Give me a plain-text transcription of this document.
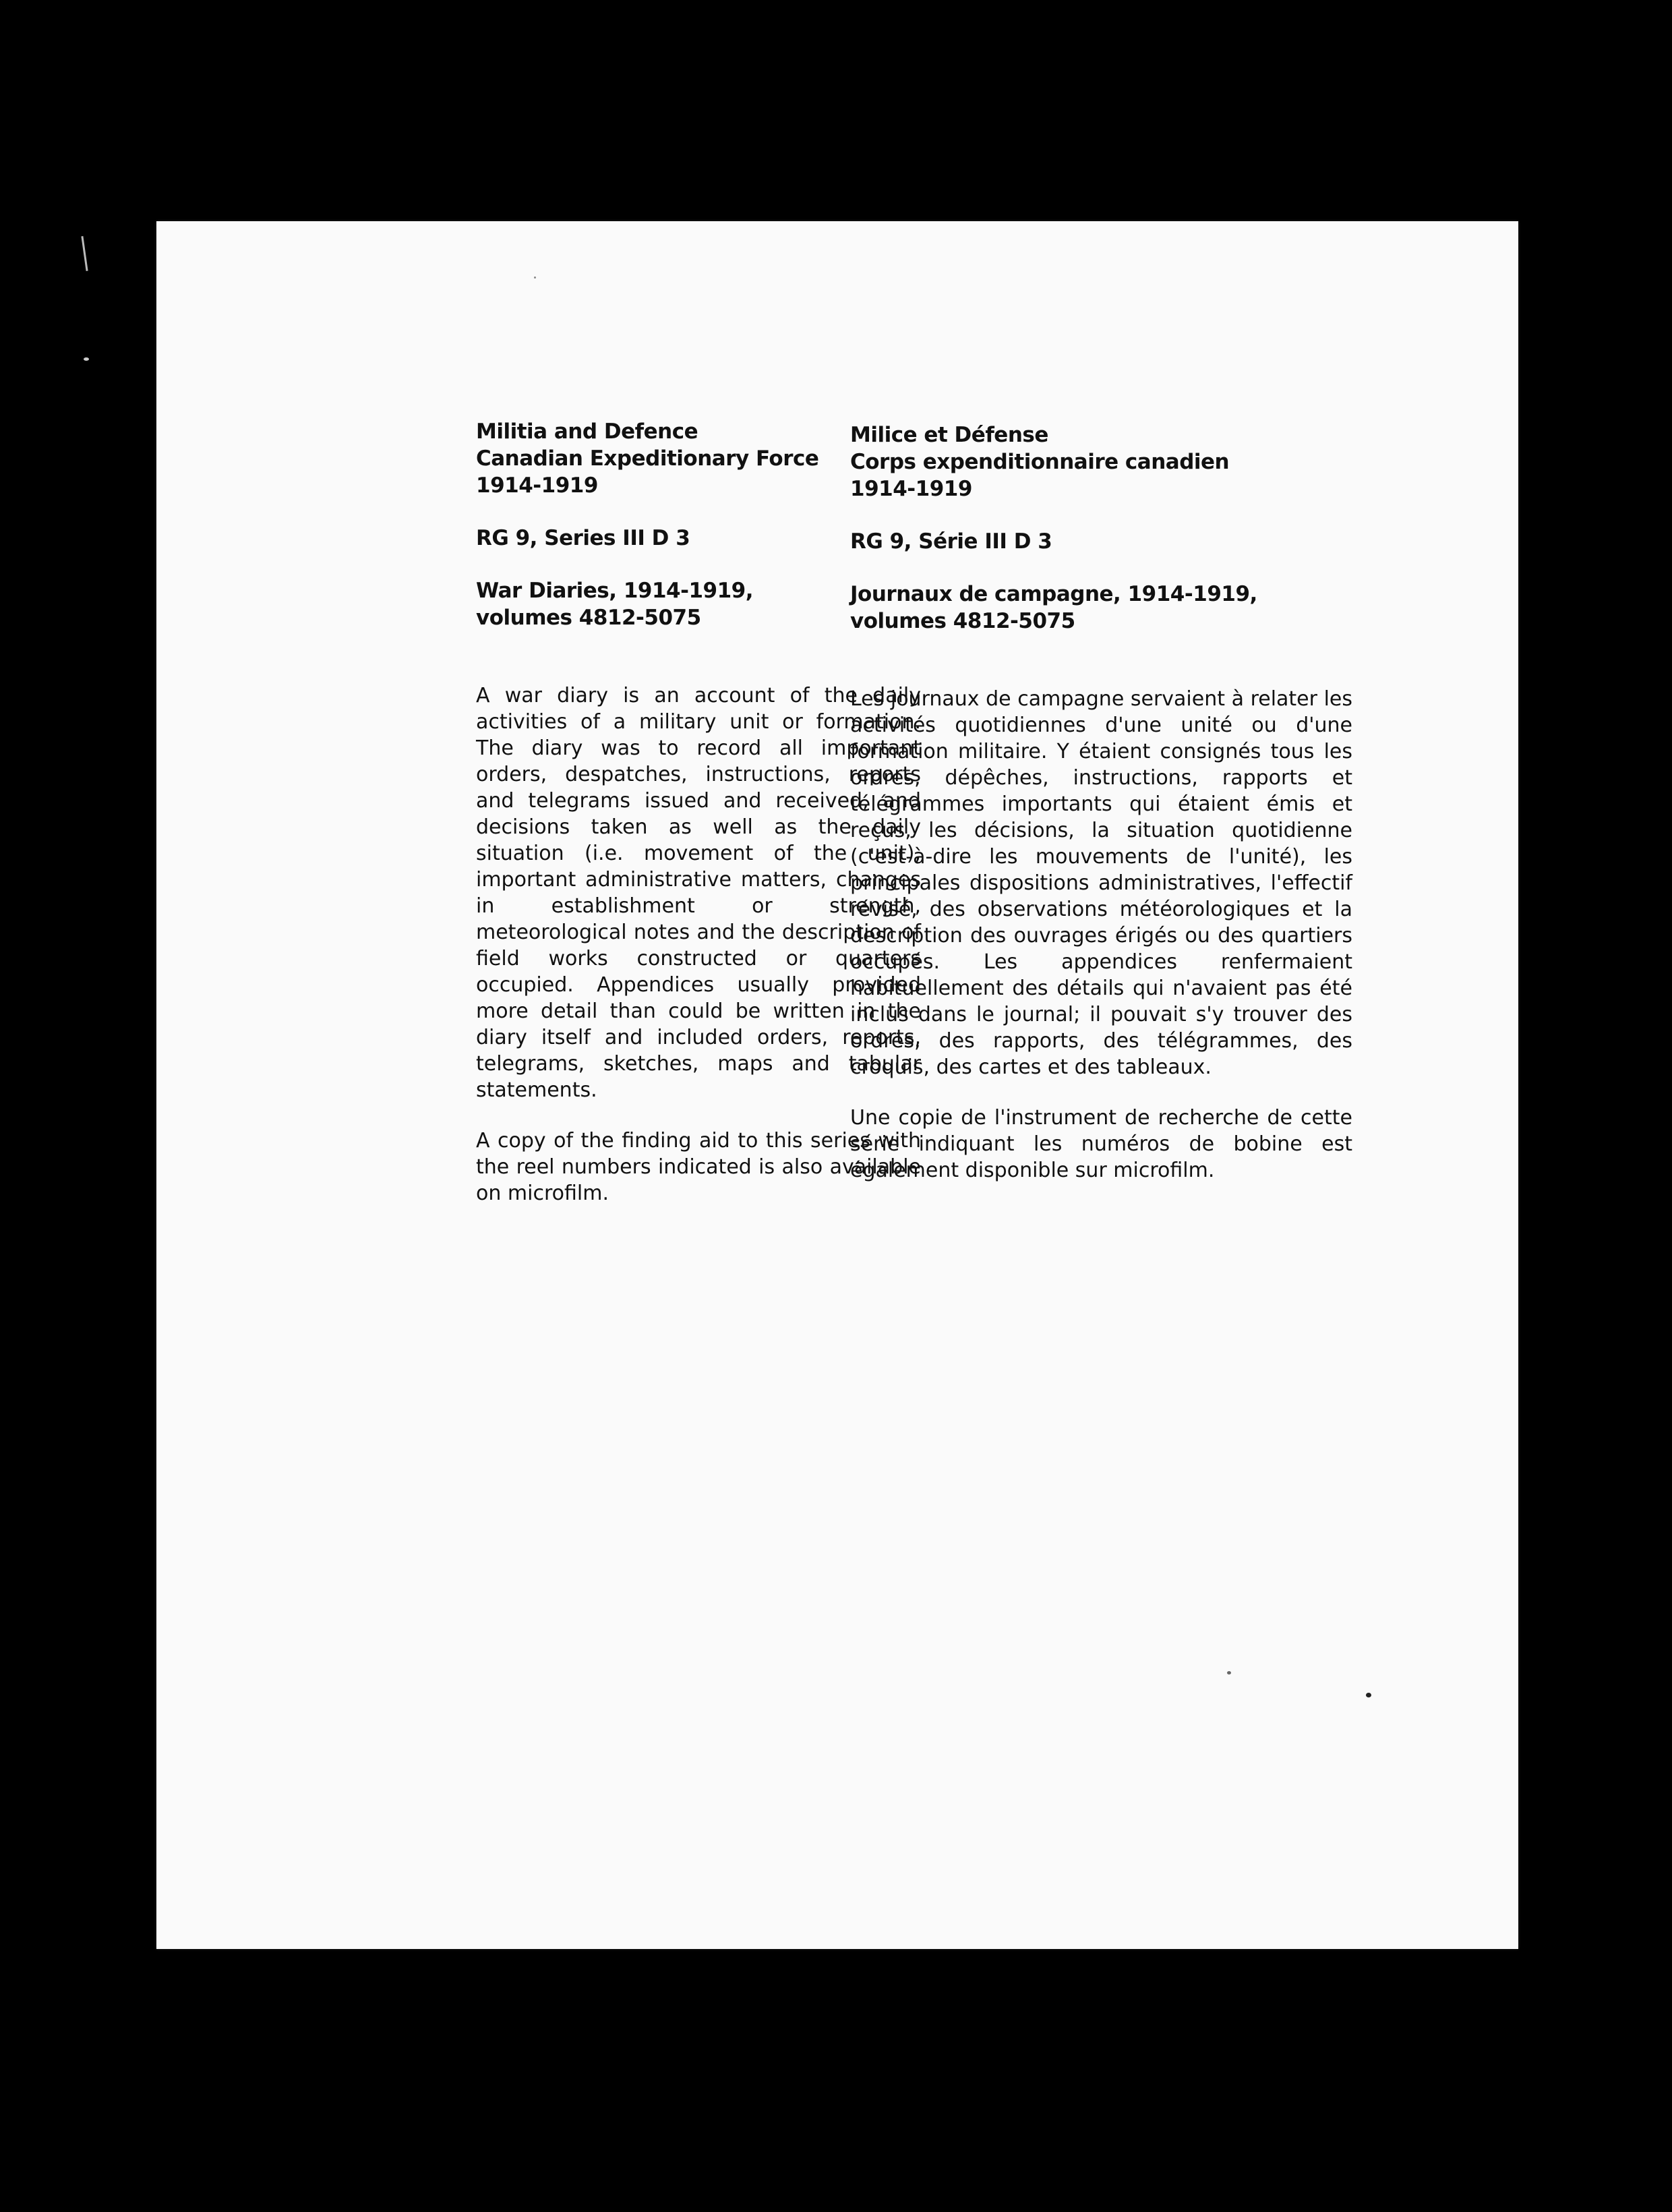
Militia and Defence
Canadian Expeditionary Force
1914-1919
RG 9, Series III D 3
War Diaries, 1914-1919,
volumes 4812-5075
A war diary is an account of the daily activities of a military unit or formation. The diary was to record all important orders, despatches, instructions, reports and telegrams issued and received, and decisions taken as well as the daily situation (i.e. movement of the unit), important administrative matters, changes in establishment or strength, meteorological notes and the description of field works constructed or quarters occupied. Appendices usually provided more detail than could be written in the diary itself and included orders, reports, telegrams, sketches, maps and tabular statements.
A copy of the finding aid to this series with the reel numbers indicated is also available on microfilm.
Milice et Défense
Corps expenditionnaire canadien
1914-1919
RG 9, Série III D 3
Journaux de campagne, 1914-1919,
volumes 4812-5075
Les journaux de campagne servaient à relater les activités quotidiennes d'une unité ou d'une formation militaire. Y étaient consignés tous les ordres, dépêches, instructions, rapports et télégrammes importants qui étaient émis et reçus, les décisions, la situation quotidienne (c'est-à-dire les mouvements de l'unité), les principales dispositions administratives, l'effectif révisé, des observations météorologiques et la description des ouvrages érigés ou des quartiers occupés. Les appendices renfermaient habituellement des détails qui n'avaient pas été inclus dans le journal; il pouvait s'y trouver des ordres, des rapports, des télégrammes, des croquis, des cartes et des tableaux.
Une copie de l'instrument de recherche de cette série indiquant les numéros de bobine est également disponible sur microfilm.
